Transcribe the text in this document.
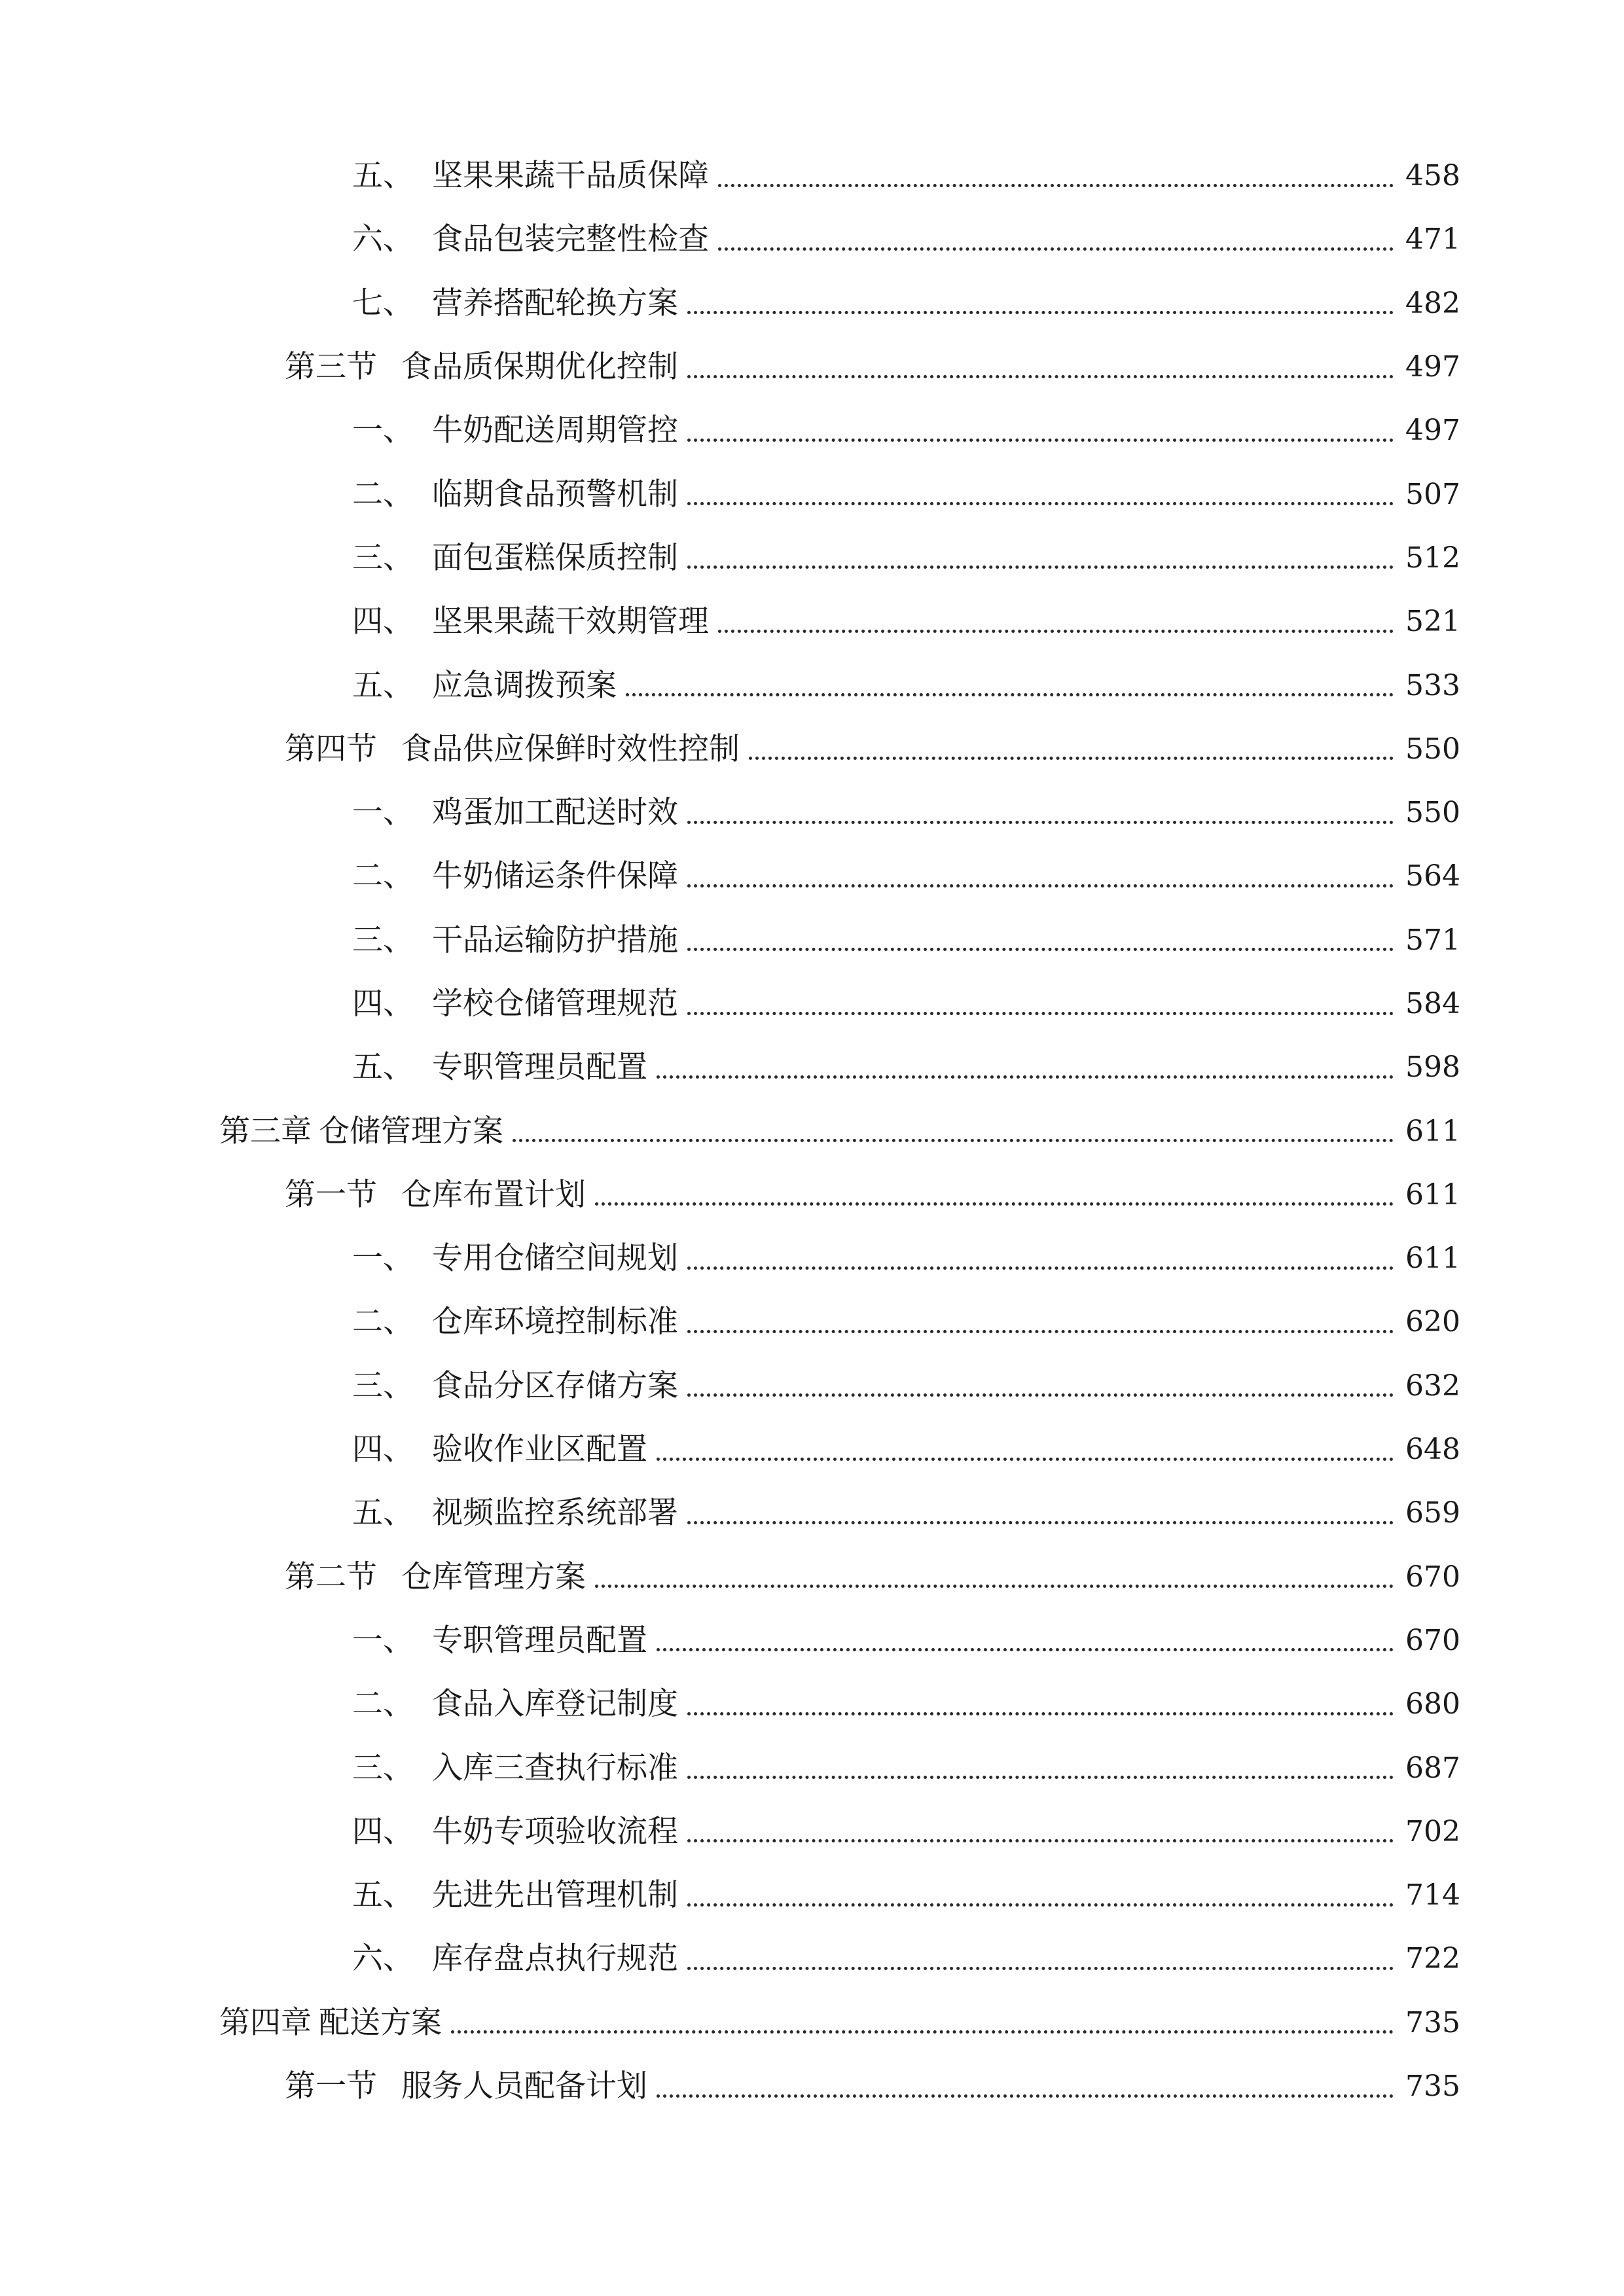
五、 坚果果蔬干品质保障	458
六、 食品包装完整性检查	471
七、 营养搭配轮换方案	482
第三节 食品质保期优化控制	497
一、 牛奶配送周期管控	497
二、 临期食品预警机制	507
三、 面包蛋糕保质控制	512
四、 坚果果蔬干效期管理	521
五、 应急调拨预案	533
第四节 食品供应保鲜时效性控制	550
一、 鸡蛋加工配送时效	550
二、 牛奶储运条件保障	564
三、 干品运输防护措施	571
四、 学校仓储管理规范	584
五、 专职管理员配置	598
第三章 仓储管理方案	611
第一节 仓库布置计划	611
一、 专用仓储空间规划	611
二、 仓库环境控制标准	620
三、 食品分区存储方案	632
四、 验收作业区配置	648
五、 视频监控系统部署	659
第二节 仓库管理方案	670
一、 专职管理员配置	670
二、 食品入库登记制度	680
三、 入库三查执行标准	687
四、 牛奶专项验收流程	702
五、 先进先出管理机制	714
六、 库存盘点执行规范	722
第四章 配送方案	735
第一节 服务人员配备计划	735
